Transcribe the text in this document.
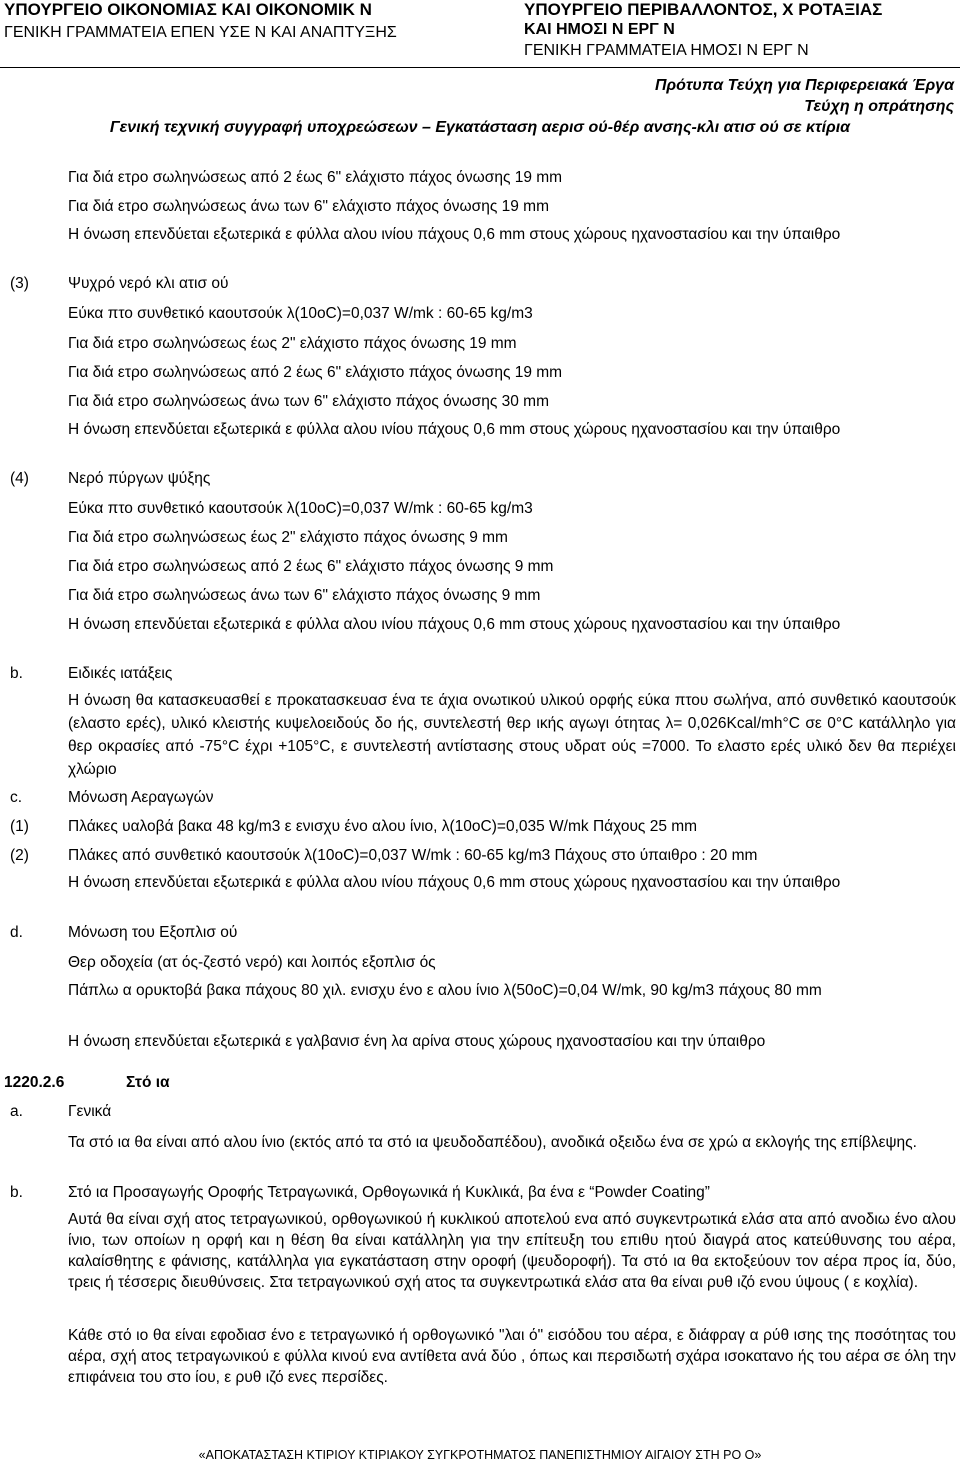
ΥΠΟΥΡΓΕΙΟ ΟΙΚΟΝΟΜΙΑΣ ΚΑΙ ΟΙΚΟΝΟΜΙΚ Ν
ΓΕΝΙΚΗ ΓΡΑΜΜΑΤΕΙΑ ΕΠΕΝ ΥΣΕ Ν ΚΑΙ ΑΝΑΠΤΥΞΗΣ
ΥΠΟΥΡΓΕΙΟ ΠΕΡΙΒΑΛΛΟΝΤΟΣ, Χ ΡΟΤΑΞΙΑΣ
ΚΑΙ ΗΜΟΣΙ Ν ΕΡΓ Ν
ΓΕΝΙΚΗ ΓΡΑΜΜΑΤΕΙΑ ΗΜΟΣΙ Ν ΕΡΓ Ν
Πρότυπα Τεύχη για Περιφερειακά Έργα
Τεύχη η οπράτησης
Γενική τεχνική συγγραφή υποχρεώσεων – Εγκατάσταση αερισ ού-θέρ ανσης-κλι ατισ ού σε κτίρια
Για διά ετρο σωληνώσεως από 2 έως 6" ελάχιστο πάχος όνωσης 19 mm
Για διά ετρο σωληνώσεως άνω των 6" ελάχιστο πάχος όνωσης 19 mm
Η όνωση επενδύεται εξωτερικά ε φύλλα αλου ινίου πάχους 0,6 mm στους χώρους ηχανοστασίου και την ύπαιθρο
(3)	Ψυχρό νερό κλι ατισ ού
Εύκα πτο συνθετικό καουτσούκ λ(10oC)=0,037 W/mk : 60-65 kg/m3
Για διά ετρο σωληνώσεως έως 2" ελάχιστο πάχος όνωσης 19 mm
Για διά ετρο σωληνώσεως από 2 έως 6" ελάχιστο πάχος όνωσης 19 mm
Για διά ετρο σωληνώσεως άνω των 6" ελάχιστο πάχος όνωσης 30 mm
Η όνωση επενδύεται εξωτερικά ε φύλλα αλου ινίου πάχους 0,6 mm στους χώρους ηχανοστασίου και την ύπαιθρο
(4)	Νερό πύργων ψύξης
Εύκα πτο συνθετικό καουτσούκ λ(10oC)=0,037 W/mk : 60-65 kg/m3
Για διά ετρο σωληνώσεως έως 2" ελάχιστο πάχος όνωσης 9 mm
Για διά ετρο σωληνώσεως από 2 έως 6" ελάχιστο πάχος όνωσης 9 mm
Για διά ετρο σωληνώσεως άνω των 6" ελάχιστο πάχος όνωσης 9 mm
Η όνωση επενδύεται εξωτερικά ε φύλλα αλου ινίου πάχους 0,6 mm στους χώρους ηχανοστασίου και την ύπαιθρο
b.	Ειδικές ιατάξεις
Η όνωση θα κατασκευασθεί ε προκατασκευασ ένα τε άχια ονωτικού υλικού ορφής εύκα πτου σωλήνα, από συνθετικό καουτσούκ (ελαστο ερές), υλικό κλειστής κυψελοειδούς δο ής, συντελεστή θερ ικής αγωγι ότητας λ= 0,026Kcal/mh°C σε 0°C κατάλληλο για θερ οκρασίες από -75°C έχρι +105°C, ε συντελεστή αντίστασης στους υδρατ ούς =7000. Το ελαστο ερές υλικό δεν θα περιέχει χλώριο
c.	Μόνωση Αεραγωγών
(1)	Πλάκες υαλοβά βακα 48 kg/m3 ε ενισχυ ένο αλου ίνιο, λ(10oC)=0,035 W/mk Πάχους 25 mm
(2)	Πλάκες από συνθετικό καουτσούκ λ(10oC)=0,037 W/mk : 60-65 kg/m3 Πάχους στο ύπαιθρο : 20 mm
Η όνωση επενδύεται εξωτερικά ε φύλλα αλου ινίου πάχους 0,6 mm στους χώρους ηχανοστασίου και την ύπαιθρο
d.	Μόνωση του Εξοπλισ ού
Θερ οδοχεία (ατ ός-ζεστό νερό) και λοιπός εξοπλισ ός
Πάπλω α ορυκτοβά βακα πάχους 80 χιλ. ενισχυ ένο ε αλου ίνιο λ(50oC)=0,04 W/mk, 90 kg/m3 πάχους 80 mm
Η όνωση επενδύεται εξωτερικά ε γαλβανισ ένη λα αρίνα στους χώρους ηχανοστασίου και την ύπαιθρο
1220.2.6	Στό ια
a.	Γενικά
Τα στό ια θα είναι από αλου ίνιο (εκτός από τα στό ια ψευδοδαπέδου), ανοδικά οξειδω ένα σε χρώ α εκλογής της επίβλεψης.
b.	Στό ια Προσαγωγής Οροφής Τετραγωνικά, Ορθογωνικά ή Κυκλικά, βα ένα ε “Powder Coating”
Αυτά θα είναι σχή ατος τετραγωνικού, ορθογωνικού ή κυκλικού αποτελού ενα από συγκεντρωτικά ελάσ ατα από ανοδιω ένο αλου ίνιο, των οποίων η ορφή και η θέση θα είναι κατάλληλη για την επίτευξη του επιθυ ητού διαγρά ατος κατεύθυνσης του αέρα, καλαίσθητης ε φάνισης, κατάλληλα για εγκατάσταση στην οροφή (ψευδοροφή). Τα στό ια θα εκτοξεύουν τον αέρα προς ία, δύο, τρεις ή τέσσερις διευθύνσεις. Στα τετραγωνικού σχή ατος τα συγκεντρωτικά ελάσ ατα θα είναι ρυθ ιζό ενου ύψους ( ε κοχλία).
Κάθε στό ιο θα είναι εφοδιασ ένο ε τετραγωνικό ή ορθογωνικό "λαι ό" εισόδου του αέρα, ε διάφραγ α ρύθ ισης της ποσότητας του αέρα, σχή ατος τετραγωνικού ε φύλλα κινού ενα αντίθετα ανά δύο , όπως και περσιδωτή σχάρα ισοκατανο ής του αέρα σε όλη την επιφάνεια του στο ίου, ε ρυθ ιζό ενες περσίδες.
«ΑΠΟΚΑΤΑΣΤΑΣΗ ΚΤΙΡΙΟΥ ΚΤΙΡΙΑΚΟΥ ΣΥΓΚΡΟΤΗΜΑΤΟΣ ΠΑΝΕΠΙΣΤΗΜΙΟΥ ΑΙΓΑΙΟΥ ΣΤΗ ΡΟ Ο»
